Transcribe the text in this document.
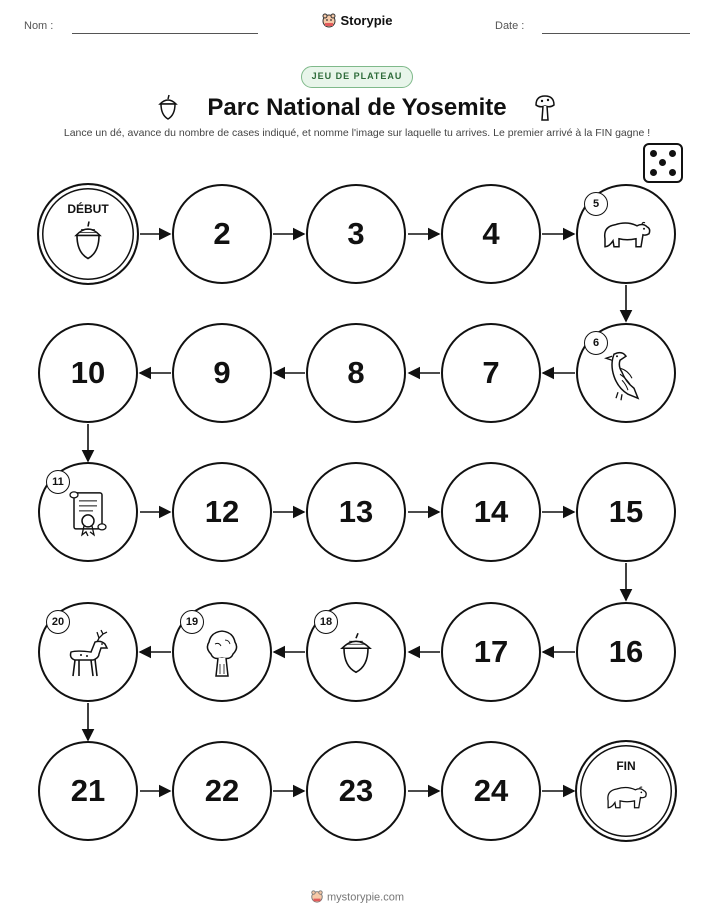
Nom :	Storypie	Date :
JEU DE PLATEAU
Parc National de Yosemite
Lance un dé, avance du nombre de cases indiqué, et nomme l'image sur laquelle tu arrives. Le premier arrivé à la FIN gagne !
DÉBUT
2	3	4
5
10	9	8	7
6
11
12	13	14	15
20	19	18
17	16
21	22	23	24
FIN
mystorypie.com
